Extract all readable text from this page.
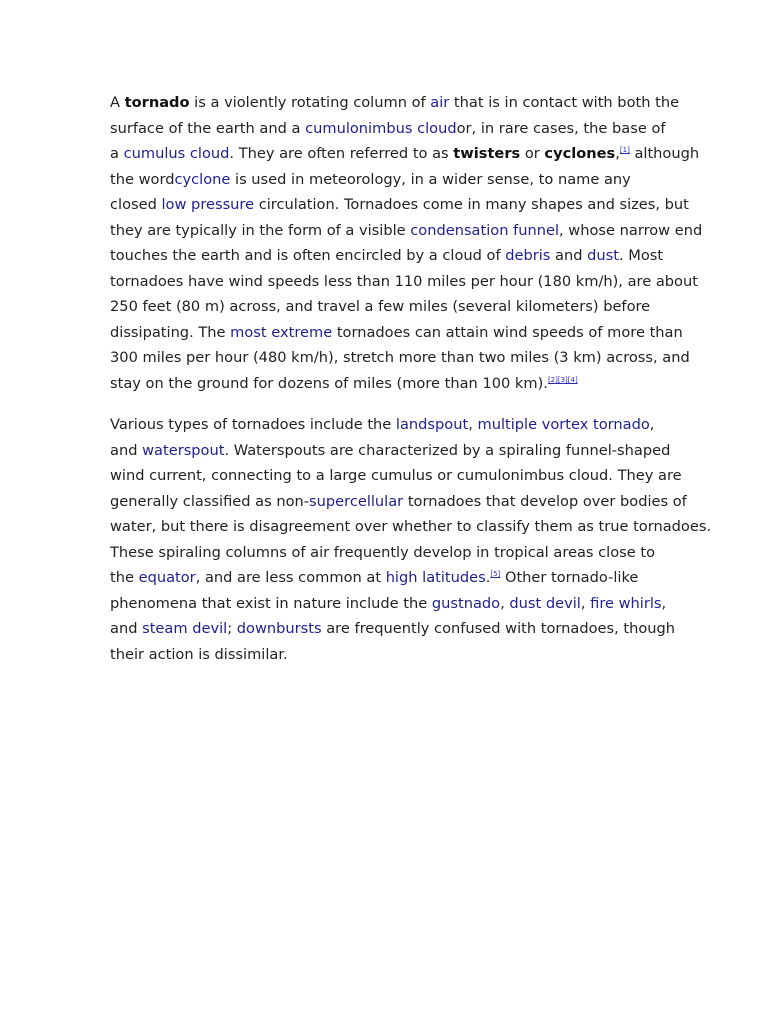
A tornado is a violently rotating column of air that is in contact with both the
surface of the earth and a cumulonimbus cloudor, in rare cases, the base of
a cumulus cloud. They are often referred to as twisters or cyclones,[1] although
the wordcyclone is used in meteorology, in a wider sense, to name any
closed low pressure circulation. Tornadoes come in many shapes and sizes, but
they are typically in the form of a visible condensation funnel, whose narrow end
touches the earth and is often encircled by a cloud of debris and dust. Most
tornadoes have wind speeds less than 110 miles per hour (180 km/h), are about
250 feet (80 m) across, and travel a few miles (several kilometers) before
dissipating. The most extreme tornadoes can attain wind speeds of more than
300 miles per hour (480 km/h), stretch more than two miles (3 km) across, and
stay on the ground for dozens of miles (more than 100 km).[2][3][4]

Various types of tornadoes include the landspout, multiple vortex tornado,
and waterspout. Waterspouts are characterized by a spiraling funnel-shaped
wind current, connecting to a large cumulus or cumulonimbus cloud. They are
generally classified as non-supercellular tornadoes that develop over bodies of
water, but there is disagreement over whether to classify them as true tornadoes.
These spiraling columns of air frequently develop in tropical areas close to
the equator, and are less common at high latitudes.[5] Other tornado-like
phenomena that exist in nature include the gustnado, dust devil, fire whirls,
and steam devil; downbursts are frequently confused with tornadoes, though
their action is dissimilar.
